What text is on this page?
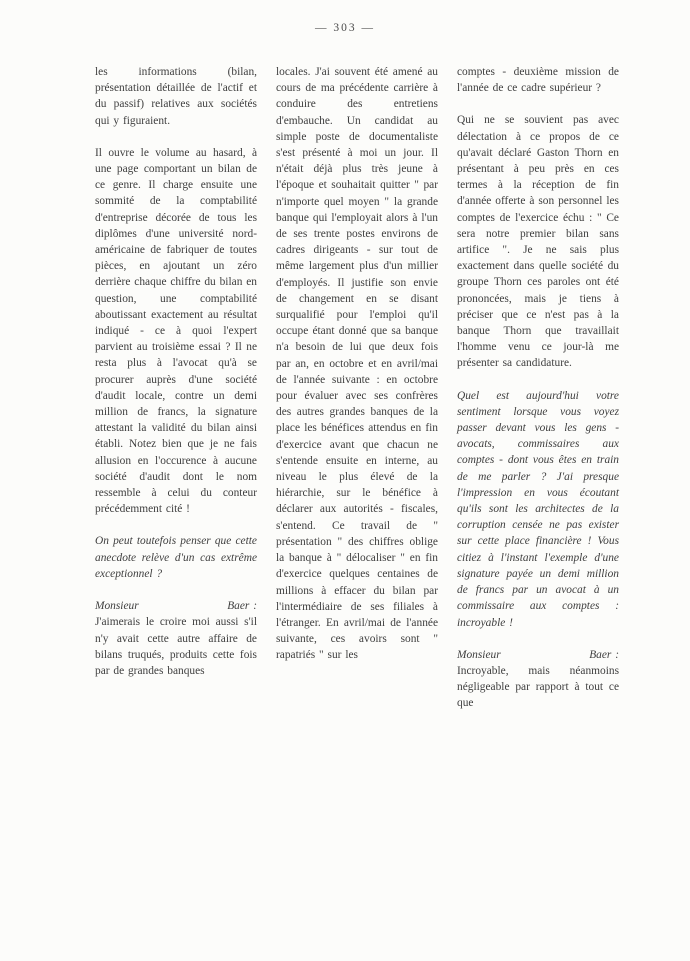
— 303 —

les informations (bilan, présentation détaillée de l'actif et du passif) relatives aux sociétés qui y figuraient.

Il ouvre le volume au hasard, à une page comportant un bilan de ce genre. Il charge ensuite une sommité de la comptabilité d'entreprise décorée de tous les diplômes d'une université nord-américaine de fabriquer de toutes pièces, en ajoutant un zéro derrière chaque chiffre du bilan en question, une comptabilité aboutissant exactement au résultat indiqué - ce à quoi l'expert parvient au troisième essai ? Il ne resta plus à l'avocat qu'à se procurer auprès d'une société d'audit locale, contre un demi million de francs, la signature attestant la validité du bilan ainsi établi. Notez bien que je ne fais allusion en l'occurence à aucune société d'audit dont le nom ressemble à celui du conteur précédemment cité !

On peut toutefois penser que cette anecdote relève d'un cas extrême exceptionnel ?

Monsieur	Baer :

J'aimerais le croire moi aussi s'il n'y avait cette autre affaire de bilans truqués, produits cette fois par de grandes banques

locales. J'ai souvent été amené au cours de ma précédente carrière à conduire des entretiens d'embauche. Un candidat au simple poste de documentaliste s'est présenté à moi un jour. Il n'était déjà plus très jeune à l'époque et souhaitait quitter " par n'importe quel moyen " la grande banque qui l'employait alors à l'un de ses trente postes environs de cadres dirigeants - sur tout de même largement plus d'un millier d'employés. Il justifie son envie de changement en se disant surqualifié pour l'emploi qu'il occupe étant donné que sa banque n'a besoin de lui que deux fois par an, en octobre et en avril/mai de l'année suivante : en octobre pour évaluer avec ses confrères des autres grandes banques de la place les bénéfices attendus en fin d'exercice avant que chacun ne s'entende ensuite en interne, au niveau le plus élevé de la hiérarchie, sur le bénéfice à déclarer aux autorités - fiscales, s'entend. Ce travail de " présentation " des chiffres oblige la banque à " délocaliser " en fin d'exercice quelques centaines de millions à effacer du bilan par l'intermédiaire de ses filiales à l'étranger. En avril/mai de l'année suivante, ces avoirs sont " rapatriés " sur les

comptes - deuxième mission de l'année de ce cadre supérieur ?

Qui ne se souvient pas avec délectation à ce propos de ce qu'avait déclaré Gaston Thorn en présentant à peu près en ces termes à la réception de fin d'année offerte à son personnel les comptes de l'exercice échu : " Ce sera notre premier bilan sans artifice ". Je ne sais plus exactement dans quelle société du groupe Thorn ces paroles ont été prononcées, mais je tiens à préciser que ce n'est pas à la banque Thorn que travaillait l'homme venu ce jour-là me présenter sa candidature.

Quel est aujourd'hui votre sentiment lorsque vous voyez passer devant vous les gens - avocats, commissaires aux comptes - dont vous êtes en train de me parler ? J'ai presque l'impression en vous écoutant qu'ils sont les architectes de la corruption censée ne pas exister sur cette place financière ! Vous citiez à l'instant l'exemple d'une signature payée un demi million de francs par un avocat à un commissaire aux comptes : incroyable !

Monsieur	Baer :

Incroyable, mais néanmoins négligeable par rapport à tout ce que
